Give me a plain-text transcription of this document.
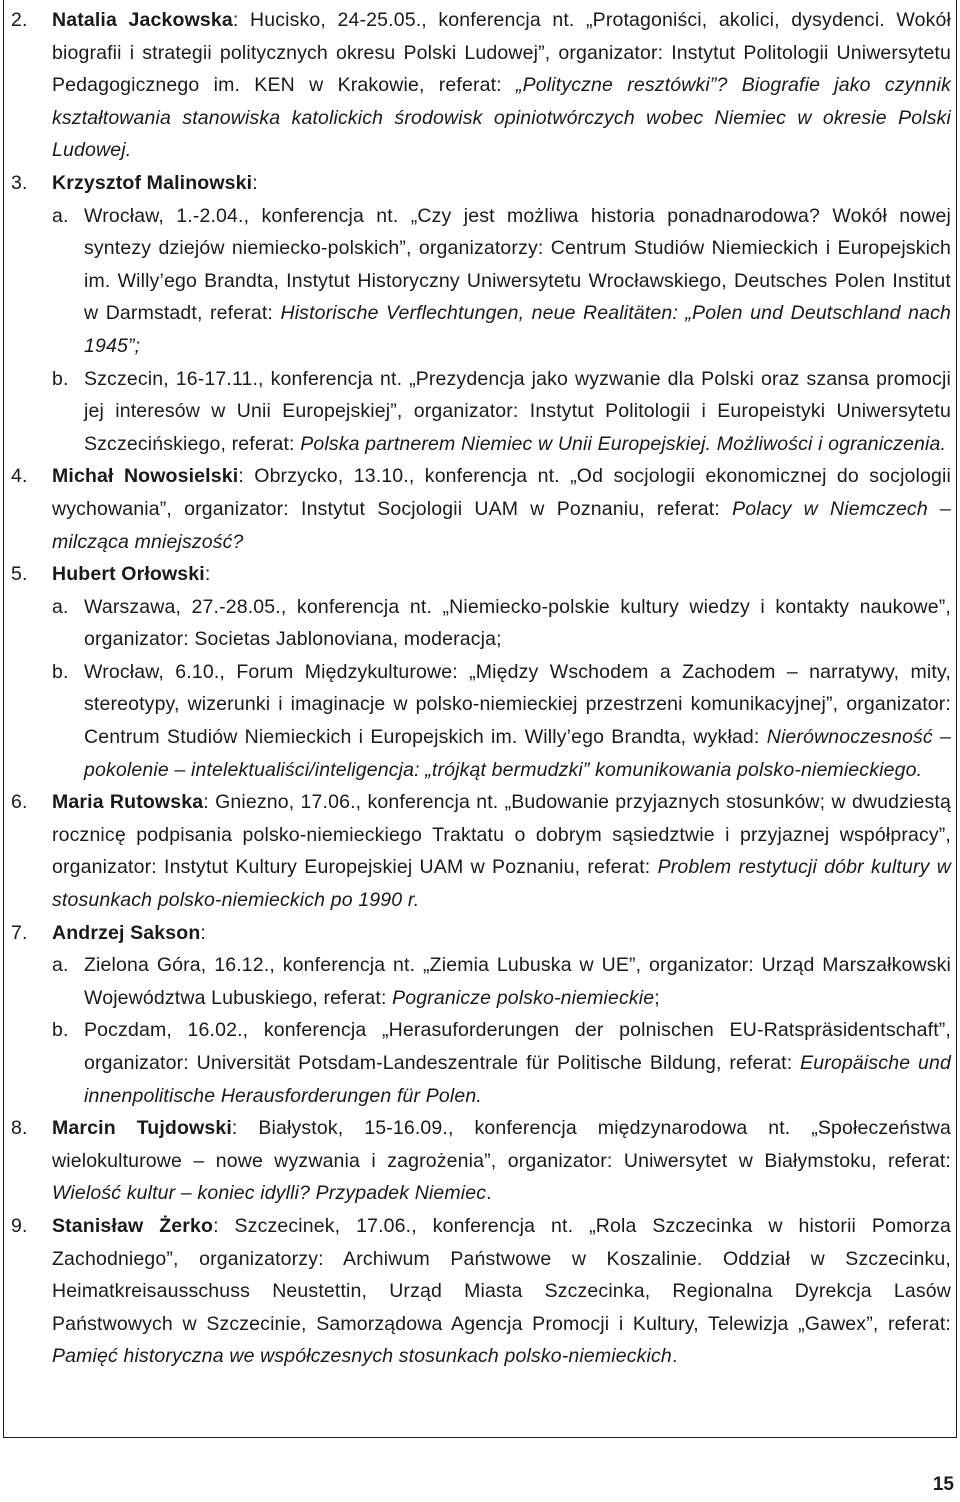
2. Natalia Jackowska: Hucisko, 24-25.05., konferencja nt. „Protagoniści, akolici, dysydenci. Wokół biografii i strategii politycznych okresu Polski Ludowej”, organizator: Instytut Politologii Uniwersytetu Pedagogicznego im. KEN w Krakowie, referat: „Polityczne resztówki”? Biografie jako czynnik kształtowania stanowiska katolickich środowisk opiniotwórczych wobec Niemiec w okresie Polski Ludowej.

3. Krzysztof Malinowski:

a. Wrocław, 1.-2.04., konferencja nt. „Czy jest możliwa historia ponadnarodowa? Wokół nowej syntezy dziejów niemiecko-polskich”, organizatorzy: Centrum Studiów Niemieckich i Europejskich im. Willy’ego Brandta, Instytut Historyczny Uniwersytetu Wrocławskiego, Deutsches Polen Institut w Darmstadt, referat: Historische Verflechtungen, neue Realitäten: „Polen und Deutschland nach 1945”;

b. Szczecin, 16-17.11., konferencja nt. „Prezydencja jako wyzwanie dla Polski oraz szansa promocji jej interesów w Unii Europejskiej”, organizator: Instytut Politologii i Europeistyki Uniwersytetu Szczecińskiego, referat: Polska partnerem Niemiec w Unii Europejskiej. Możliwości i ograniczenia.

4. Michał Nowosielski: Obrzycko, 13.10., konferencja nt. „Od socjologii ekonomicznej do socjologii wychowania”, organizator: Instytut Socjologii UAM w Poznaniu, referat: Polacy w Niemczech – milcząca mniejszość?

5. Hubert Orłowski:

a. Warszawa, 27.-28.05., konferencja nt. „Niemiecko-polskie kultury wiedzy i kontakty naukowe”, organizator: Societas Jablonoviana, moderacja;

b. Wrocław, 6.10., Forum Międzykulturowe: „Między Wschodem a Zachodem – narratywy, mity, stereotypy, wizerunki i imaginacje w polsko-niemieckiej przestrzeni komunikacyjnej”, organizator: Centrum Studiów Niemieckich i Europejskich im. Willy’ego Brandta, wykład: Nierównoczesność – pokolenie – intelektualiści/inteligencja: „trójkąt bermudzki” komunikowania polsko-niemieckiego.

6. Maria Rutowska: Gniezno, 17.06., konferencja nt. „Budowanie przyjaznych stosunków; w dwudziestą rocznicę podpisania polsko-niemieckiego Traktatu o dobrym sąsiedztwie i przyjaznej współpracy”, organizator: Instytut Kultury Europejskiej UAM w Poznaniu, referat: Problem restytucji dóbr kultury w stosunkach polsko-niemieckich po 1990 r.

7. Andrzej Sakson:

a. Zielona Góra, 16.12., konferencja nt. „Ziemia Lubuska w UE”, organizator: Urząd Marszałkowski Województwa Lubuskiego, referat: Pogranicze polsko-niemieckie;

b. Poczdam, 16.02., konferencja „Herasuforderungen der polnischen EU-Ratspräsidentschaft”, organizator: Universität Potsdam-Landeszentrale für Politische Bildung, referat: Europäische und innenpolitische Herausforderungen für Polen.

8. Marcin Tujdowski: Białystok, 15-16.09., konferencja międzynarodowa nt. „Społeczeństwa wielokulturowe – nowe wyzwania i zagrożenia”, organizator: Uniwersytet w Białymstoku, referat: Wielość kultur – koniec idylli? Przypadek Niemiec.

9. Stanisław Żerko: Szczecinek, 17.06., konferencja nt. „Rola Szczecinka w historii Pomorza Zachodniego”, organizatorzy: Archiwum Państwowe w Koszalinie. Oddział w Szczecinku, Heimatkreisausschuss Neustettin, Urząd Miasta Szczecinka, Regionalna Dyrekcja Lasów Państwowych w Szczecinie, Samorządowa Agencja Promocji i Kultury, Telewizja „Gawex”, referat: Pamięć historyczna we współczesnych stosunkach polsko-niemieckich.

15
